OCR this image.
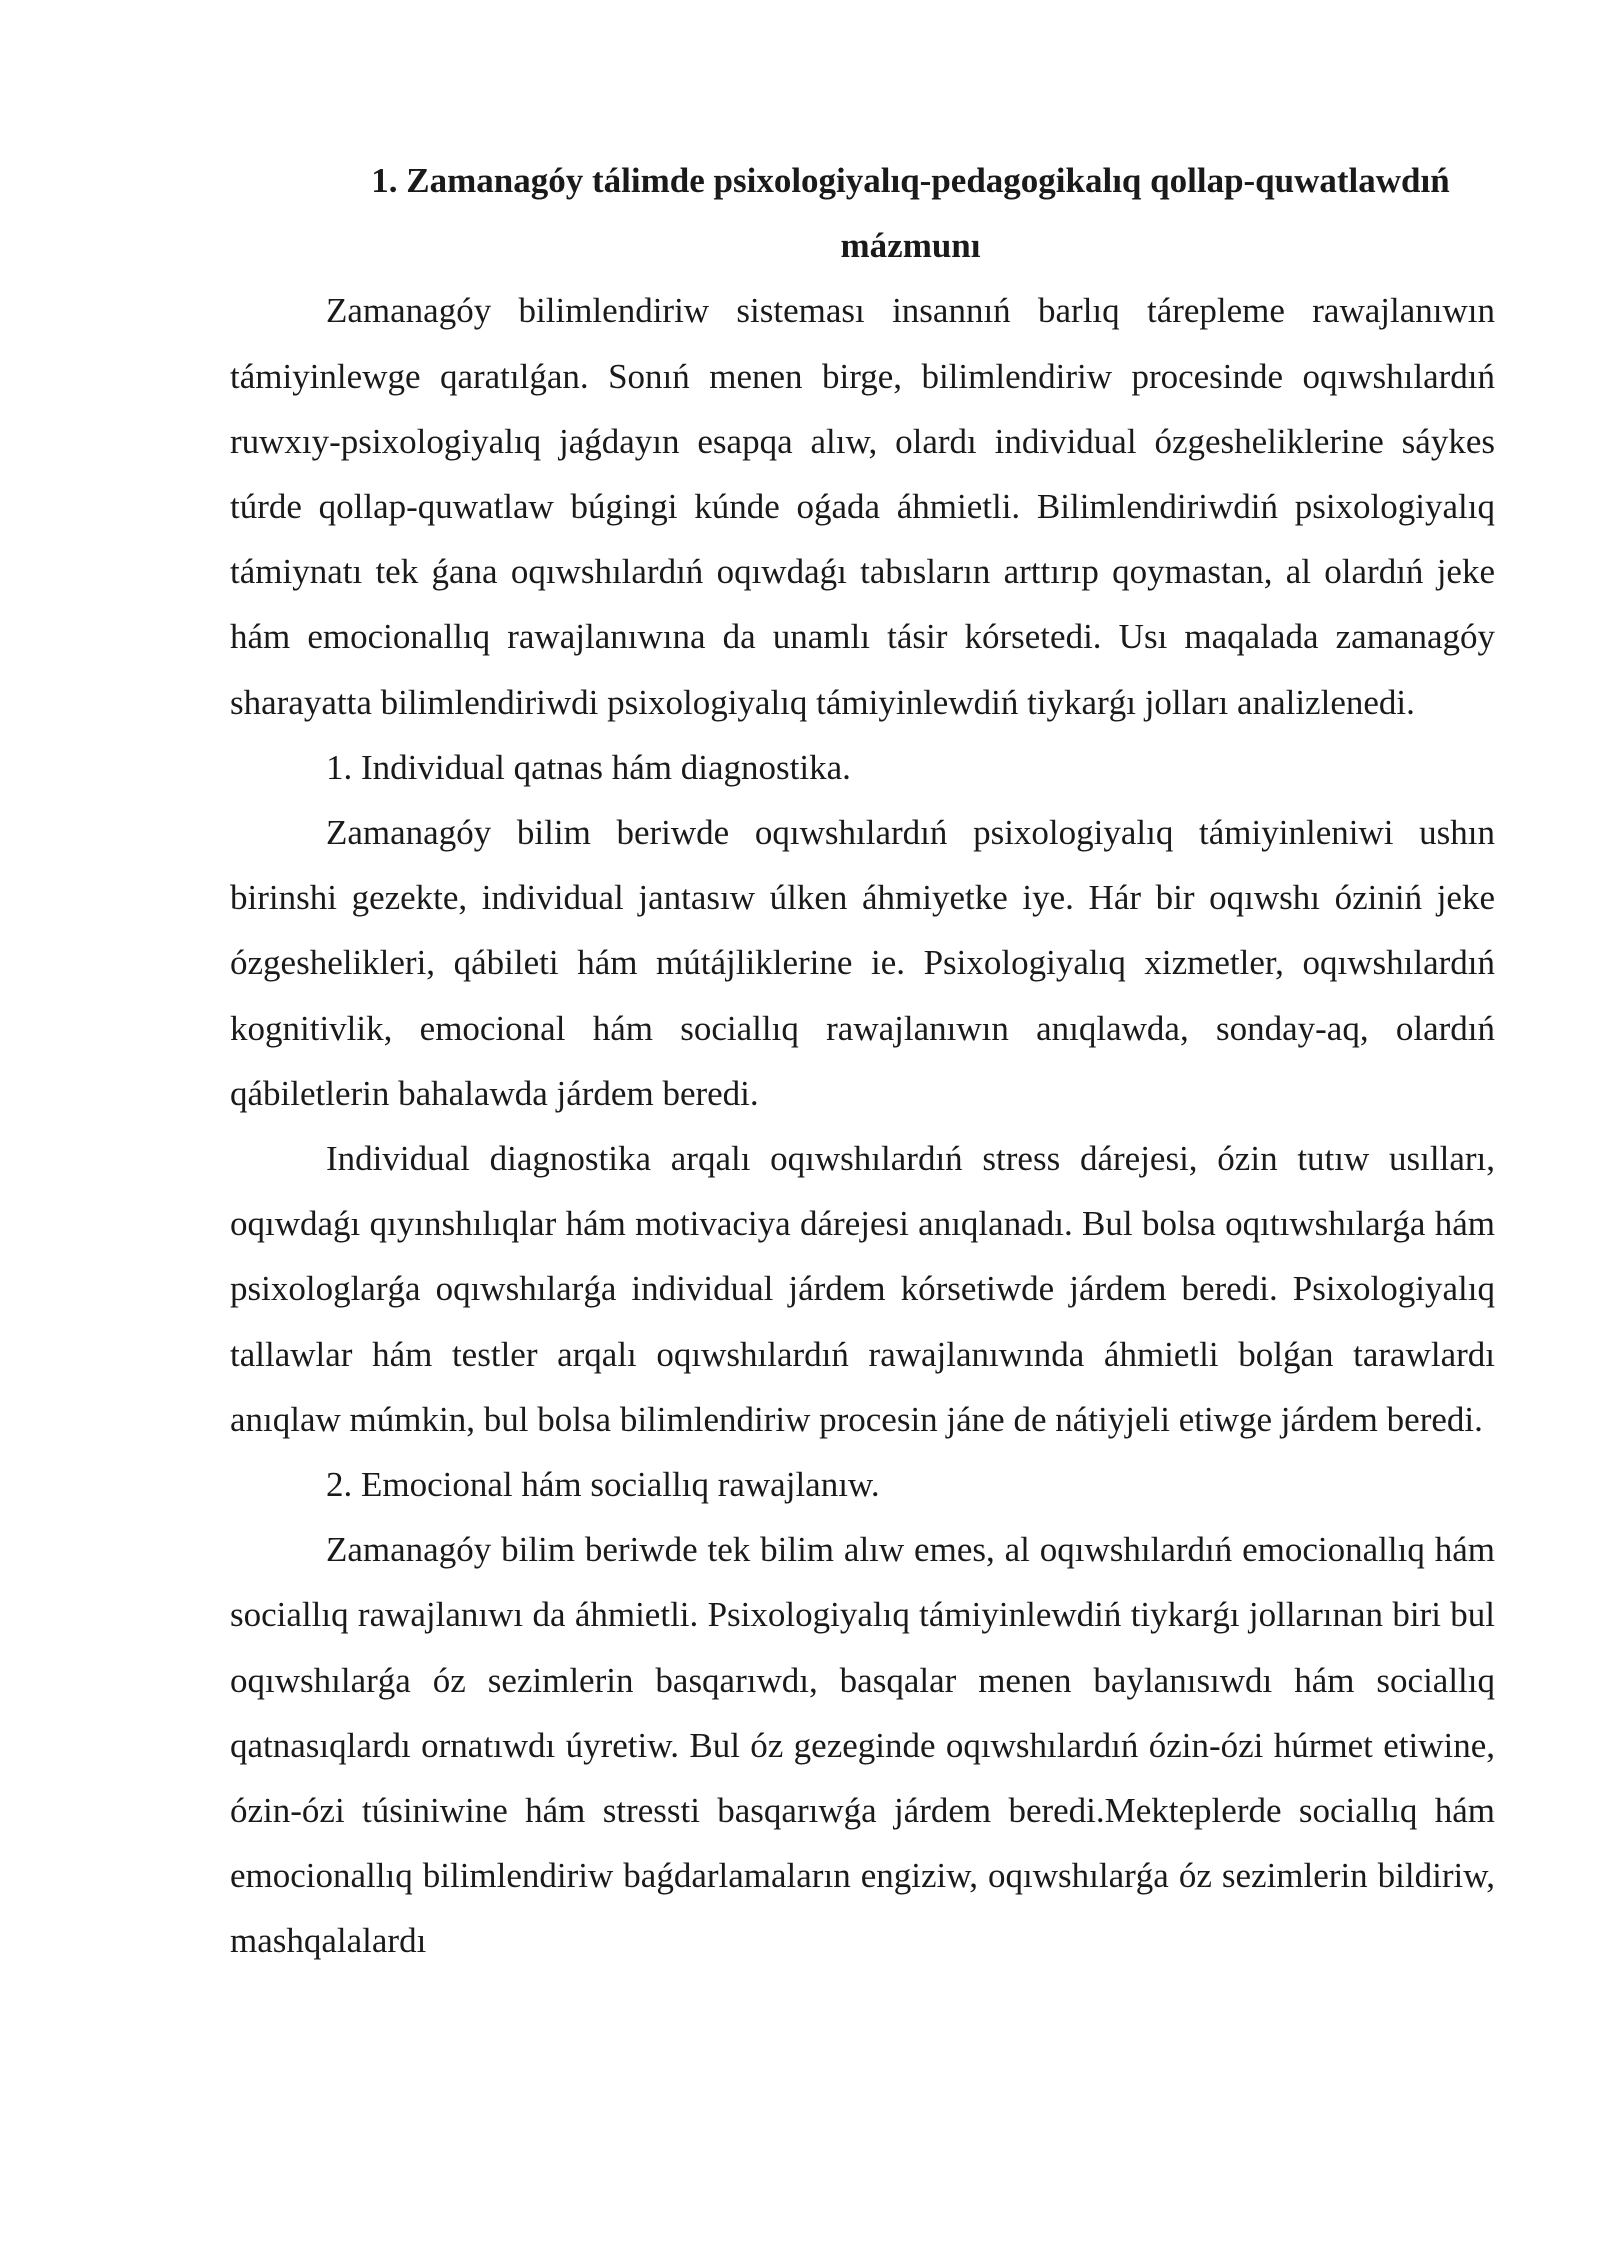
1. Zamanagóy tálimde psixologiyalıq-pedagogikalıq qollap-quwatlawdıń mázmunı

Zamanagóy bilimlendiriw sisteması insannıń barlıq tárepleme rawajlanıwın támiyinlewge qaratılǵan. Sonıń menen birge, bilimlendiriw procesinde oqıwshılardıń ruwxıy-psixologiyalıq jaǵdayın esapqa alıw, olardı individual ózgesheliklerine sáykes túrde qollap-quwatlaw búgingi kúnde oǵada áhmietli. Bilimlendiriwdiń psixologiyalıq támiynatı tek ǵana oqıwshılardıń oqıwdaǵı tabısların arttırıp qoymastan, al olardıń jeke hám emocionallıq rawajlanıwına da unamlı tásir kórsetedi. Usı maqalada zamanagóy sharayatta bilimlendiriwdi psixologiyalıq támiyinlewdiń tiykarǵı jolları analizlenedi.

1. Individual qatnas hám diagnostika.

Zamanagóy bilim beriwde oqıwshılardıń psixologiyalıq támiyinleniwi ushın birinshi gezekte, individual jantasıw úlken áhmiyetke iye. Hár bir oqıwshı óziniń jeke ózgeshelikleri, qábileti hám mútájliklerine ie. Psixologiyalıq xizmetler, oqıwshılardıń kognitivlik, emocional hám sociallıq rawajlanıwın anıqlawda, sonday-aq, olardıń qábiletlerin bahalawda járdem beredi.

Individual diagnostika arqalı oqıwshılardıń stress dárejesi, ózin tutıw usılları, oqıwdaǵı qıyınshılıqlar hám motivaciya dárejesi anıqlanadı. Bul bolsa oqıtıwshılarǵa hám psixologlarǵa oqıwshılarǵa individual járdem kórsetiwde járdem beredi. Psixologiyalıq tallawlar hám testler arqalı oqıwshılardıń rawajlanıwında áhmietli bolǵan tarawlardı anıqlaw múmkin, bul bolsa bilimlendiriw procesin jáne de nátiyjeli etiwge járdem beredi.

2. Emocional hám sociallıq rawajlanıw.

Zamanagóy bilim beriwde tek bilim alıw emes, al oqıwshılardıń emocionallıq hám sociallıq rawajlanıwı da áhmietli. Psixologiyalıq támiyinlewdiń tiykarǵı jollarınan biri bul oqıwshılarǵa óz sezimlerin basqarıwdı, basqalar menen baylanısıwdı hám sociallıq qatnasıqlardı ornatıwdı úyretiw. Bul óz gezeginde oqıwshılardıń ózin-ózi húrmet etiwine, ózin-ózi túsiniwine hám stressti basqarıwǵa járdem beredi.Mekteplerde sociallıq hám emocionallıq bilimlendiriw baǵdarlamaların engiziw, oqıwshılarǵa óz sezimlerin bildiriw, mashqalalardı
